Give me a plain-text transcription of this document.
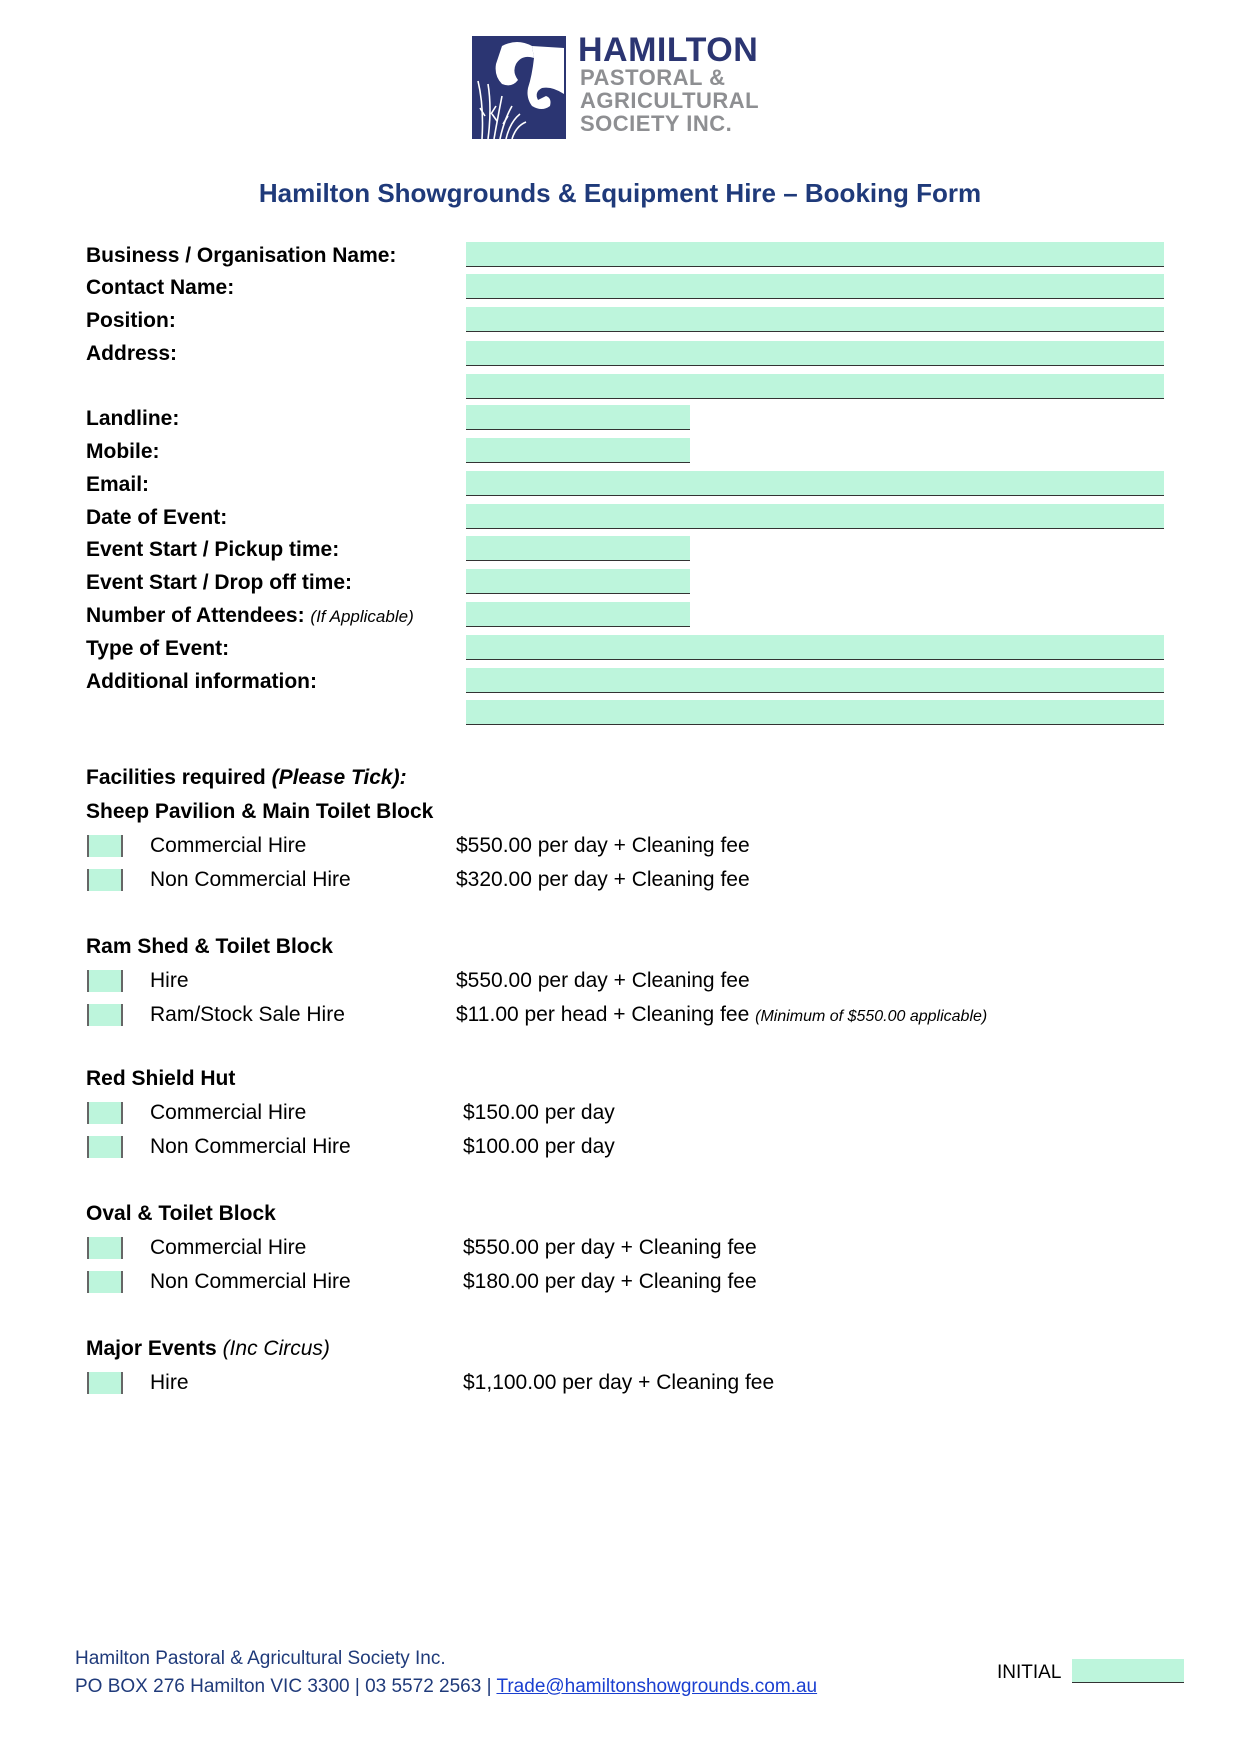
HAMILTON
PASTORAL &
AGRICULTURAL
SOCIETY INC.
Hamilton Showgrounds & Equipment Hire – Booking Form
Business / Organisation Name:
Contact Name:
Position:
Address:
Landline:
Mobile:
Email:
Date of Event:
Event Start / Pickup time:
Event Start / Drop off time:
Number of Attendees: (If Applicable)
Type of Event:
Additional information:
Facilities required (Please Tick):
Sheep Pavilion & Main Toilet Block
Commercial Hire	$550.00 per day + Cleaning fee
Non Commercial Hire	$320.00 per day + Cleaning fee
Ram Shed & Toilet Block
Hire	$550.00 per day + Cleaning fee
Ram/Stock Sale Hire	$11.00 per head + Cleaning fee (Minimum of $550.00 applicable)
Red Shield Hut
Commercial Hire	$150.00 per day
Non Commercial Hire	$100.00 per day
Oval & Toilet Block
Commercial Hire	$550.00 per day + Cleaning fee
Non Commercial Hire	$180.00 per day + Cleaning fee
Major Events (Inc Circus)
Hire	$1,100.00 per day + Cleaning fee
Hamilton Pastoral & Agricultural Society Inc.
PO BOX 276 Hamilton VIC 3300 | 03 5572 2563 | Trade@hamiltonshowgrounds.com.au
INITIAL
